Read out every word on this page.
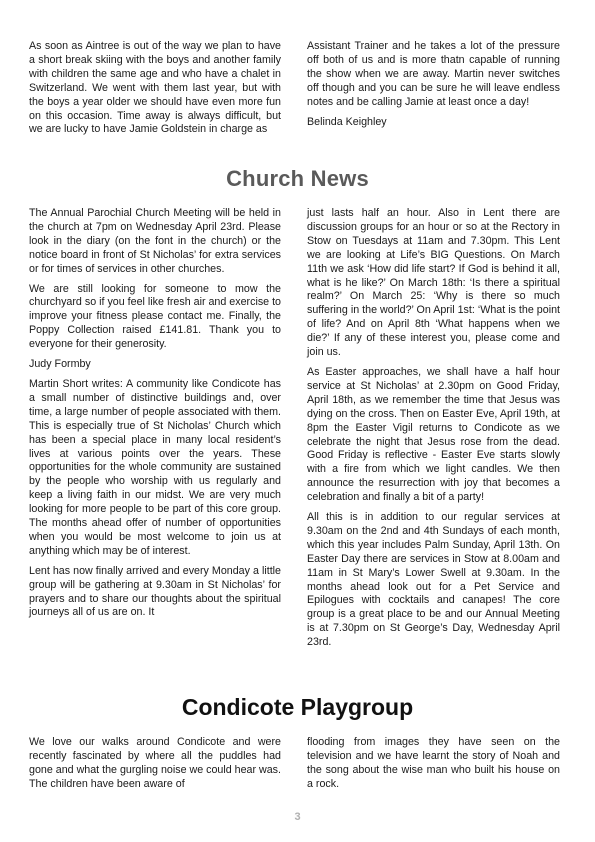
As soon as Aintree is out of the way we plan to have a short break skiing with the boys and another family with children the same age and who have a chalet in Switzerland. We went with them last year, but with the boys a year older we should have even more fun on this occasion. Time away is always difficult, but we are lucky to have Jamie Goldstein in charge as

Assistant Trainer and he takes a lot of the pressure off both of us and is more thatn capable of running the show when we are away. Martin never switches off though and you can be sure he will leave endless notes and be calling Jamie at least once a day!

Belinda Keighley

Church News

The Annual Parochial Church Meeting will be held in the church at 7pm on Wednesday April 23rd. Please look in the diary (on the font in the church) or the notice board in front of St Nicholas’ for extra services or for times of services in other churches.

We are still looking for someone to mow the churchyard so if you feel like fresh air and exercise to improve your fitness please contact me. Finally, the Poppy Collection raised £141.81. Thank you to everyone for their generosity.

Judy Formby

Martin Short writes: A community like Condicote has a small number of distinctive buildings and, over time, a large number of people associated with them. This is especially true of St Nicholas’ Church which has been a special place in many local resident’s lives at various points over the years. These opportunities for the whole community are sustained by the people who worship with us regularly and keep a living faith in our midst. We are very much looking for more people to be part of this core group. The months ahead offer of number of opportunities when you would be most welcome to join us at anything which may be of interest.

Lent has now finally arrived and every Monday a little group will be gathering at 9.30am in St Nicholas’ for prayers and to share our thoughts about the spiritual journeys all of us are on. It

just lasts half an hour. Also in Lent there are discussion groups for an hour or so at the Rectory in Stow on Tuesdays at 11am and 7.30pm. This Lent we are looking at Life’s BIG Questions. On March 11th we ask ‘How did life start? If God is behind it all, what is he like?’ On March 18th: ‘Is there a spiritual realm?’ On March 25: ‘Why is there so much suffering in the world?’ On April 1st: ‘What is the point of life? And on April 8th ‘What happens when we die?’ If any of these interest you, please come and join us.

As Easter approaches, we shall have a half hour service at St Nicholas’ at 2.30pm on Good Friday, April 18th, as we remember the time that Jesus was dying on the cross. Then on Easter Eve, April 19th, at 8pm the Easter Vigil returns to Condicote as we celebrate the night that Jesus rose from the dead. Good Friday is reflective - Easter Eve starts slowly with a fire from which we light candles. We then announce the resurrection with joy that becomes a celebration and finally a bit of a party!

All this is in addition to our regular services at 9.30am on the 2nd and 4th Sundays of each month, which this year includes Palm Sunday, April 13th. On Easter Day there are services in Stow at 8.00am and 11am in St Mary’s Lower Swell at 9.30am. In the months ahead look out for a Pet Service and Epilogues with cocktails and canapes! The core group is a great place to be and our Annual Meeting is at 7.30pm on St George’s Day, Wednesday April 23rd.

Condicote Playgroup

We love our walks around Condicote and were recently fascinated by where all the puddles had gone and what the gurgling noise we could hear was. The children have been aware of

flooding from images they have seen on the television and we have learnt the story of Noah and the song about the wise man who built his house on a rock.

3
